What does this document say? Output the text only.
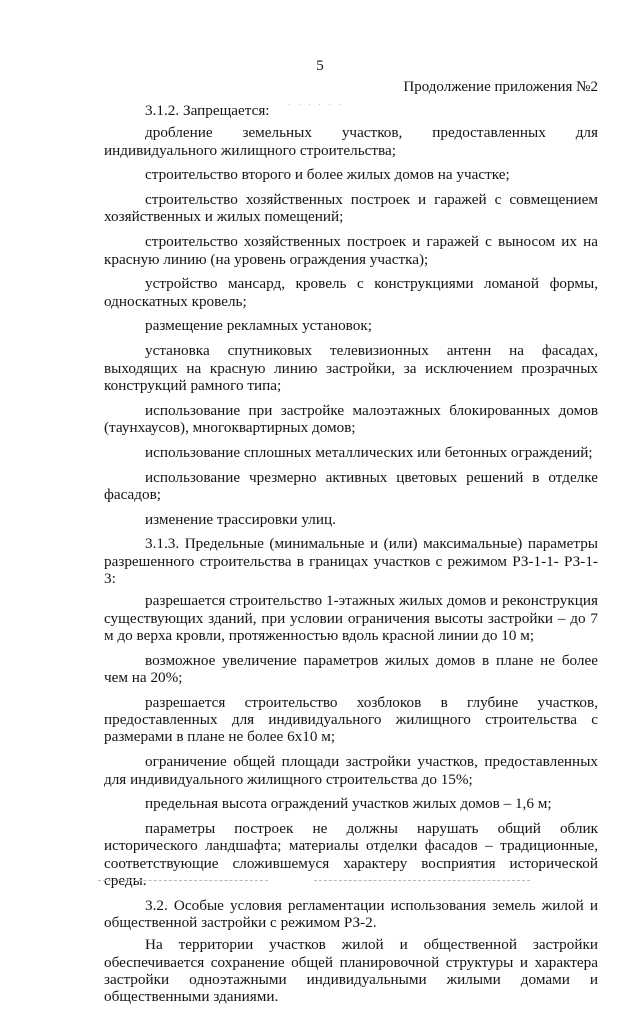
5
Продолжение приложения №2
· · · · · ·

3.1.2. Запрещается:

дробление земельных участков, предоставленных для индивидуального жилищного строительства;

строительство второго и более жилых домов на участке;

строительство хозяйственных построек и гаражей с совмещением хозяйственных и жилых помещений;

строительство хозяйственных построек и гаражей с выносом их на красную линию (на уровень ограждения участка);

устройство мансард, кровель с конструкциями ломаной формы, односкатных кровель;

размещение рекламных установок;

установка спутниковых телевизионных антенн на фасадах, выходящих на красную линию застройки, за исключением прозрачных конструкций рамного типа;

использование при застройке малоэтажных блокированных домов (таунхаусов), многоквартирных домов;

использование сплошных металлических или бетонных ограждений;

использование чрезмерно активных цветовых решений в отделке фасадов;

изменение трассировки улиц.

3.1.3. Предельные (минимальные и (или) максимальные) параметры разрешенного строительства в границах участков с режимом РЗ-1-1- РЗ-1-3:

разрешается строительство 1-этажных жилых домов и реконструкция существующих зданий, при условии ограничения высоты застройки – до 7 м до верха кровли, протяженностью вдоль красной линии до 10 м;

возможное увеличение параметров жилых домов в плане не более чем на 20%;

разрешается строительство хозблоков в глубине участков, предоставленных для индивидуального жилищного строительства с размерами в плане не более 6х10 м;

ограничение общей площади застройки участков, предоставленных для индивидуального жилищного строительства до 15%;

предельная высота ограждений участков жилых домов – 1,6 м;

параметры построек не должны нарушать общий облик исторического ландшафта; материалы отделки фасадов – традиционные, соответствующие сложившемуся характеру восприятия исторической среды.

3.2. Особые условия регламентации использования земель жилой и общественной застройки с режимом РЗ-2.

На территории участков жилой и общественной застройки обеспечивается сохранение общей планировочной структуры и характера застройки одноэтажными индивидуальными жилыми домами и общественными зданиями.
